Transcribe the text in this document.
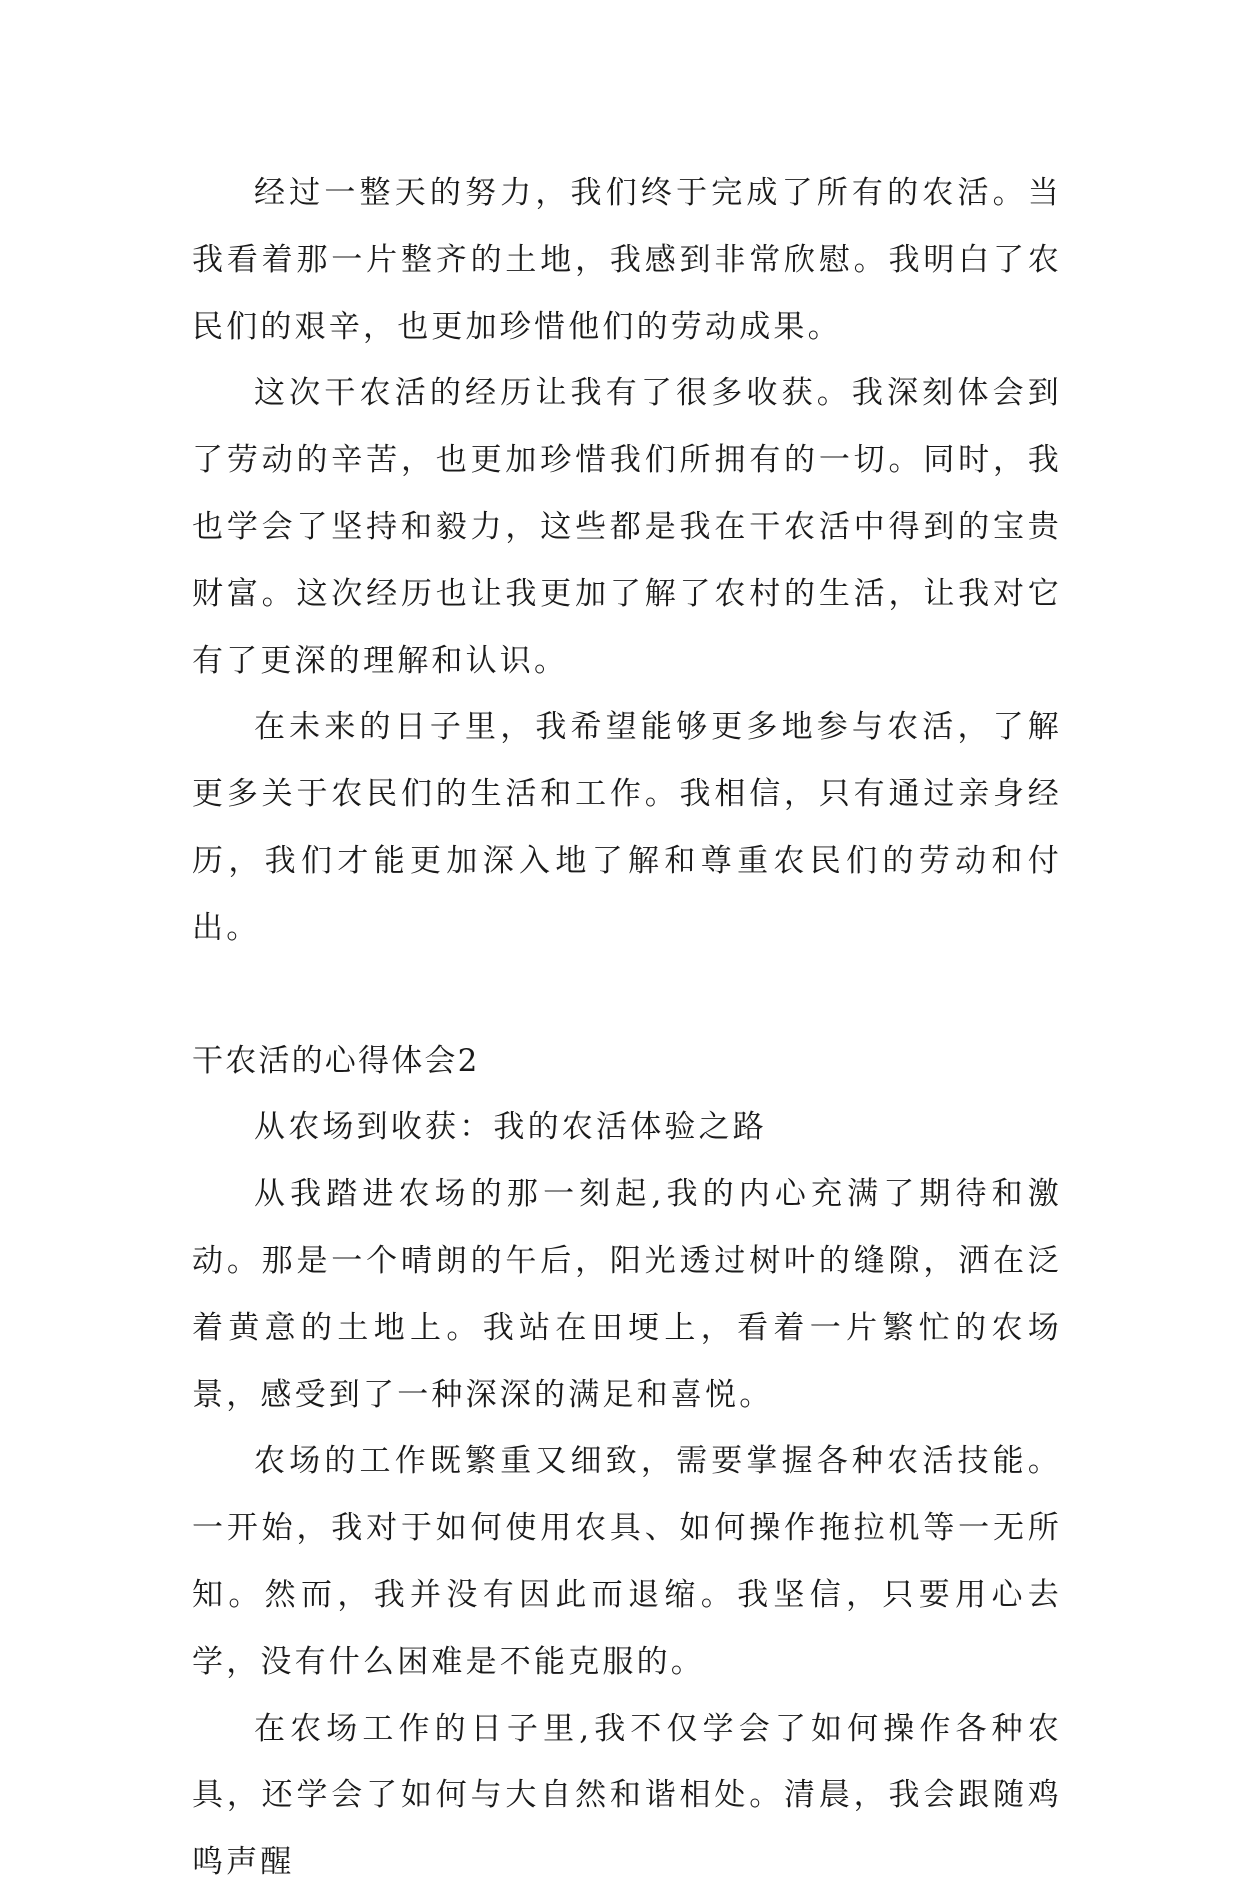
经过一整天的努力，我们终于完成了所有的农活。当我看着那一片整齐的土地，我感到非常欣慰。我明白了农民们的艰辛，也更加珍惜他们的劳动成果。

这次干农活的经历让我有了很多收获。我深刻体会到了劳动的辛苦，也更加珍惜我们所拥有的一切。同时，我也学会了坚持和毅力，这些都是我在干农活中得到的宝贵财富。这次经历也让我更加了解了农村的生活，让我对它有了更深的理解和认识。

在未来的日子里，我希望能够更多地参与农活，了解更多关于农民们的生活和工作。我相信，只有通过亲身经历，我们才能更加深入地了解和尊重农民们的劳动和付出。

干农活的心得体会2

从农场到收获：我的农活体验之路

从我踏进农场的那一刻起,我的内心充满了期待和激动。那是一个晴朗的午后，阳光透过树叶的缝隙，洒在泛着黄意的土地上。我站在田埂上，看着一片繁忙的农场景，感受到了一种深深的满足和喜悦。

农场的工作既繁重又细致，需要掌握各种农活技能。一开始，我对于如何使用农具、如何操作拖拉机等一无所知。然而，我并没有因此而退缩。我坚信，只要用心去学，没有什么困难是不能克服的。

在农场工作的日子里,我不仅学会了如何操作各种农具，还学会了如何与大自然和谐相处。清晨，我会跟随鸡鸣声醒
